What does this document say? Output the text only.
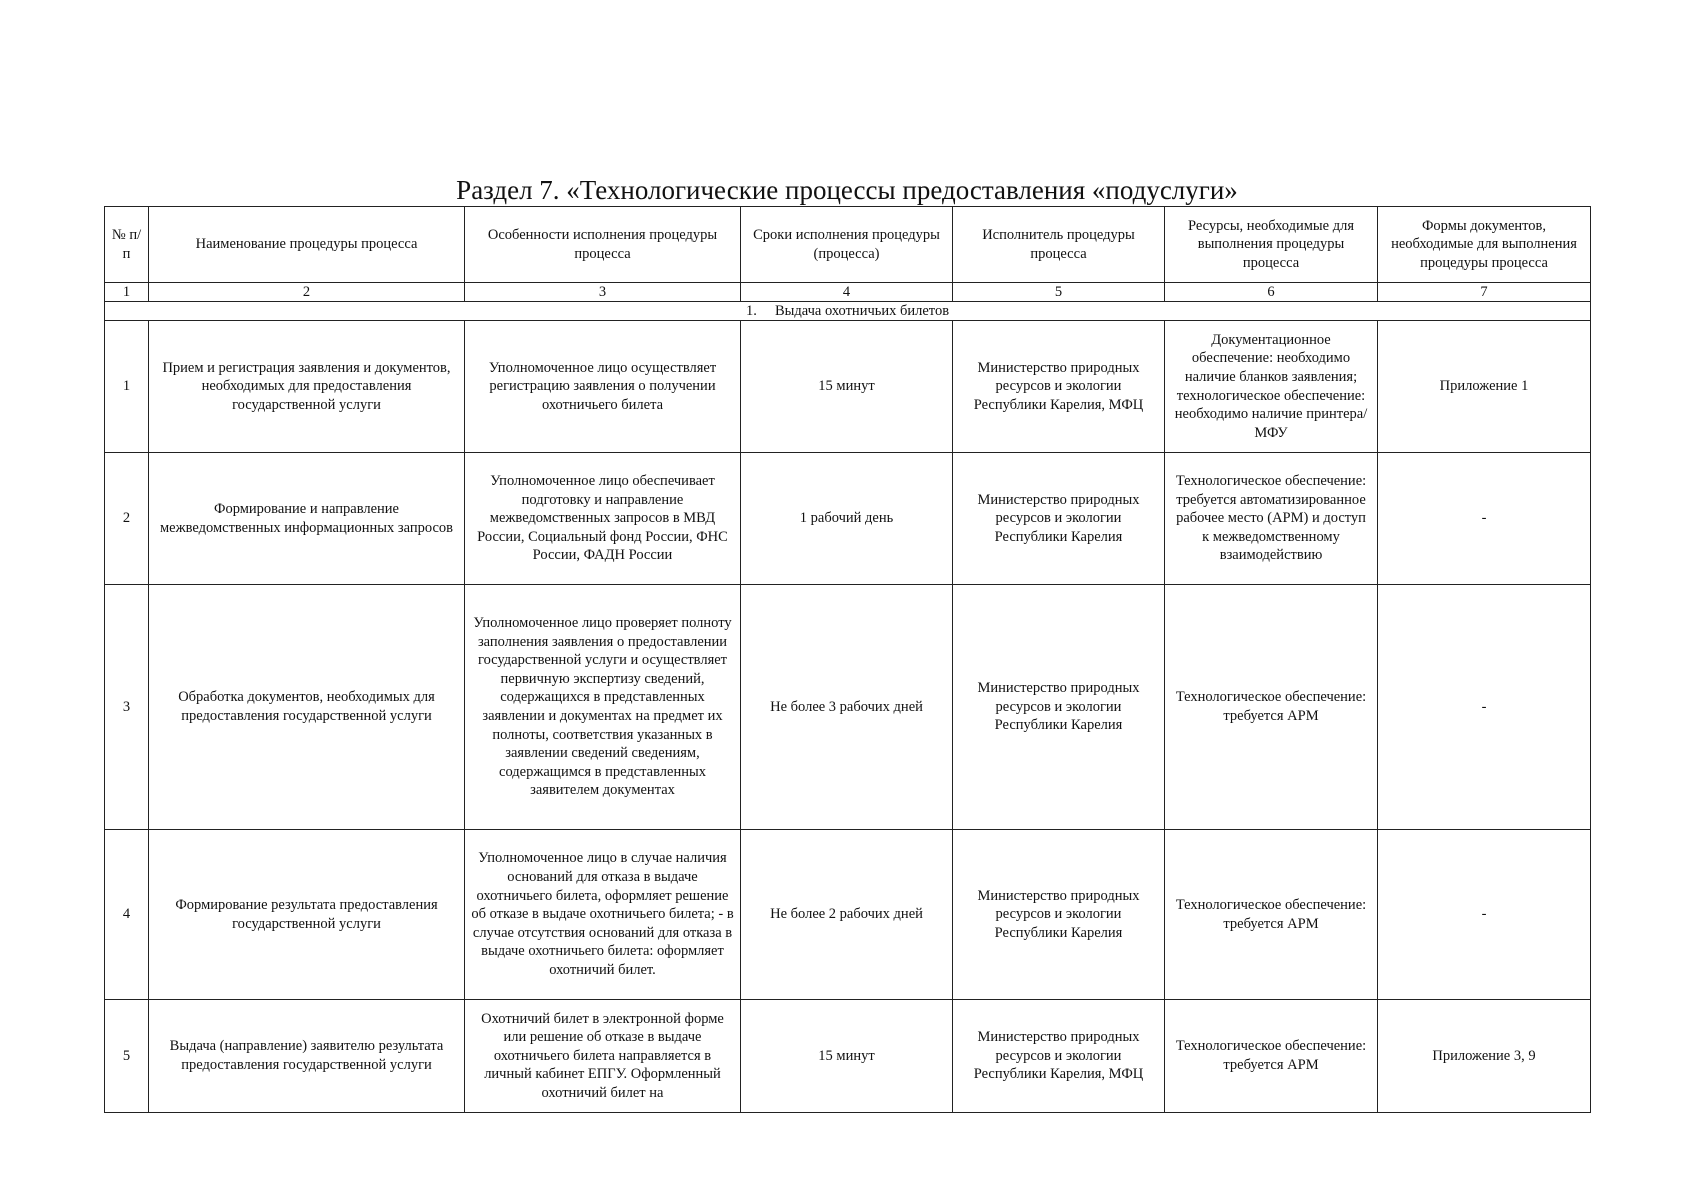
Раздел 7. «Технологические процессы предоставления «подуслуги»
№ п/п	Наименование процедуры процесса	Особенности исполнения процедуры процесса	Сроки исполнения процедуры (процесса)	Исполнитель процедуры процесса	Ресурсы, необходимые для выполнения процедуры процесса	Формы документов, необходимые для выполнения процедуры процесса
1	2	3	4	5	6	7
1.     Выдача охотничьих билетов						
1	Прием и регистрация заявления и документов, необходимых для предоставления государственной услуги	Уполномоченное лицо осуществляет регистрацию заявления о получении охотничьего билета	15 минут	Министерство природных ресурсов и экологии Республики Карелия, МФЦ	Документационное обеспечение: необходимо наличие бланков заявления; технологическое обеспечение: необходимо наличие принтера/МФУ	Приложение 1
2	Формирование и направление межведомственных информационных запросов	Уполномоченное лицо обеспечивает подготовку и направление межведомственных запросов в МВД России, Социальный фонд России, ФНС России, ФАДН России	1 рабочий день	Министерство природных ресурсов и экологии Республики Карелия	Технологическое обеспечение: требуется автоматизированное рабочее место (АРМ) и доступ к межведомственному взаимодействию	-
3	Обработка документов, необходимых для предоставления государственной услуги	Уполномоченное лицо проверяет полноту заполнения заявления о предоставлении государственной услуги и осуществляет первичную экспертизу сведений, содержащихся в представленных заявлении и документах на предмет их полноты, соответствия указанных в заявлении сведений сведениям, содержащимся в представленных заявителем документах	Не более 3 рабочих дней	Министерство природных ресурсов и экологии Республики Карелия	Технологическое обеспечение: требуется АРМ	-
4	Формирование результата предоставления государственной услуги	Уполномоченное лицо в случае наличия оснований для отказа в выдаче охотничьего билета, оформляет решение об отказе в выдаче охотничьего билета; - в случае отсутствия оснований для отказа в выдаче охотничьего билета: оформляет охотничий билет.	Не более 2 рабочих дней	Министерство природных ресурсов и экологии Республики Карелия	Технологическое обеспечение: требуется АРМ	-
5	Выдача (направление) заявителю результата предоставления государственной услуги	Охотничий билет в электронной форме или решение об отказе в выдаче охотничьего билета направляется в личный кабинет ЕПГУ. Оформленный охотничий билет на	15 минут	Министерство природных ресурсов и экологии Республики Карелия, МФЦ	Технологическое обеспечение: требуется АРМ	Приложение 3, 9
